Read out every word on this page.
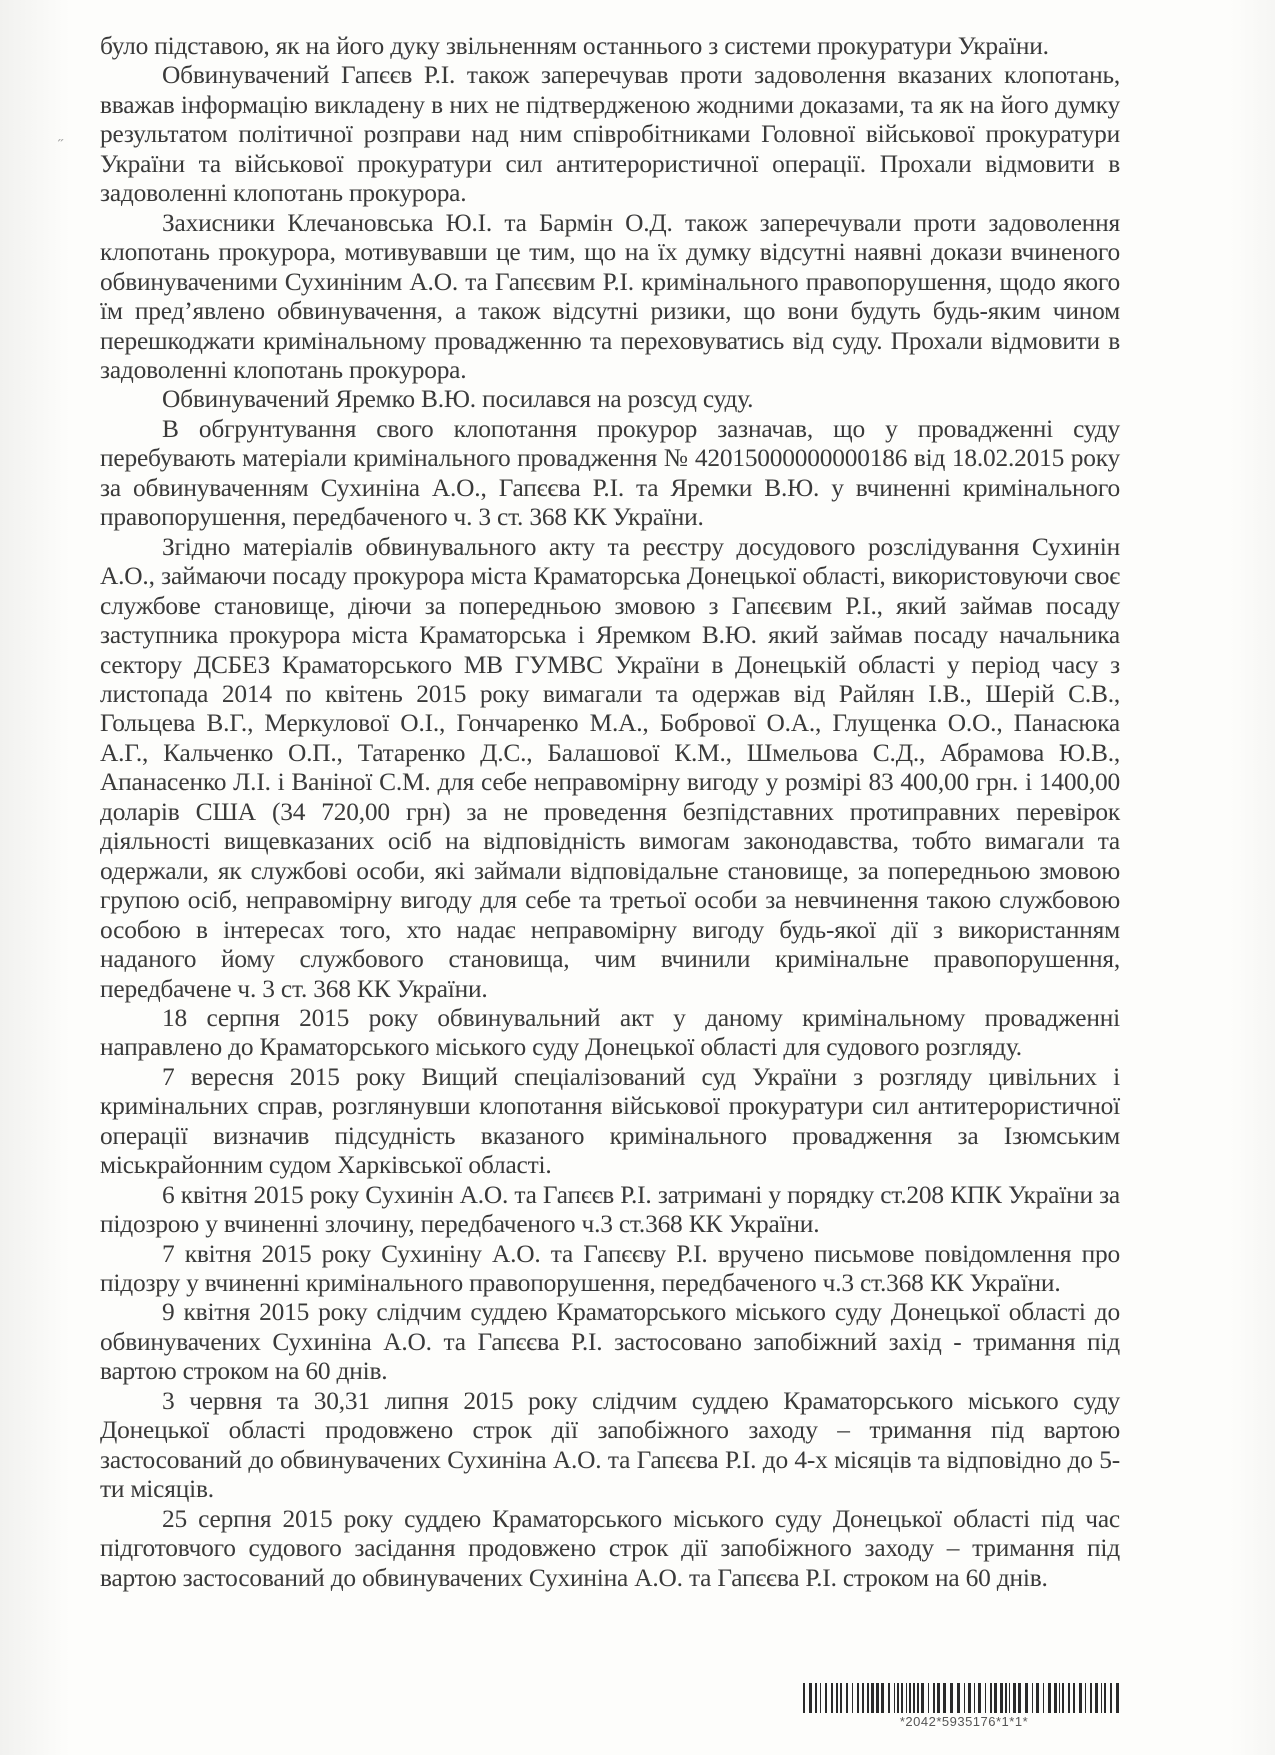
˶

було підставою, як на його дуку звільненням останнього з системи прокуратури України.

Обвинувачений Гапєєв Р.І. також заперечував проти задоволення вказаних клопотань, вважав інформацію викладену в них не підтвердженою жодними доказами, та як на його думку результатом політичної розправи над ним співробітниками Головної військової прокуратури України та військової прокуратури сил антитерористичної операції. Прохали відмовити в задоволенні клопотань прокурора.

Захисники Клечановська Ю.І. та Бармін О.Д. також заперечували проти задоволення клопотань прокурора, мотивувавши це тим, що на їх думку відсутні наявні докази вчиненого обвинуваченими Сухиніним А.О. та Гапєєвим Р.І. кримінального правопорушення, щодо якого їм пред’явлено обвинувачення, а також відсутні ризики, що вони будуть будь-яким чином перешкоджати кримінальному провадженню та переховуватись від суду. Прохали відмовити в задоволенні клопотань прокурора.

Обвинувачений Яремко В.Ю. посилався на розсуд суду.

В обгрунтування свого клопотання прокурор зазначав, що у провадженні суду перебувають матеріали кримінального провадження № 42015000000000186 від 18.02.2015 року за обвинуваченням Сухиніна А.О., Гапєєва Р.І. та Яремки В.Ю. у вчиненні кримінального правопорушення, передбаченого ч. 3 ст. 368 КК України.

Згідно матеріалів обвинувального акту та реєстру досудового розслідування Сухинін А.О., займаючи посаду прокурора міста Краматорська Донецької області, використовуючи своє службове становище, діючи за попередньою змовою з Гапєєвим Р.І., який займав посаду заступника прокурора міста Краматорська і Яремком В.Ю. який займав посаду начальника сектору ДСБЕЗ Краматорського МВ ГУМВС України в Донецькій області у період часу з листопада 2014 по квітень 2015 року вимагали та одержав від Райлян І.В., Шерій С.В., Гольцева В.Г., Меркулової О.І., Гончаренко М.А., Бобрової О.А., Глущенка О.О., Панасюка А.Г., Кальченко О.П., Татаренко Д.С., Балашової К.М., Шмельова С.Д., Абрамова Ю.В., Апанасенко Л.І. і Ваніної С.М. для себе неправомірну вигоду у розмірі 83 400,00 грн. і 1400,00 доларів США (34 720,00 грн) за не проведення безпідставних протиправних перевірок діяльності вищевказаних осіб на відповідність вимогам законодавства, тобто вимагали та одержали, як службові особи, які займали відповідальне становище, за попередньою змовою групою осіб, неправомірну вигоду для себе та третьої особи за невчинення такою службовою особою в інтересах того, хто надає неправомірну вигоду будь-якої дії з використанням наданого йому службового становища, чим вчинили кримінальне правопорушення, передбачене ч. 3 ст. 368 КК України.

18 серпня 2015 року обвинувальний акт у даному кримінальному провадженні направлено до Краматорського міського суду Донецької області для судового розгляду.

7 вересня 2015 року Вищий спеціалізований суд України з розгляду цивільних і кримінальних справ, розглянувши клопотання військової прокуратури сил антитерористичної операції визначив підсудність вказаного кримінального провадження за Ізюмським міськрайонним судом Харківської області.

6 квітня 2015 року Сухинін А.О. та Гапєєв Р.І. затримані у порядку ст.208 КПК України за підозрою у вчиненні злочину, передбаченого ч.3 ст.368 КК України.

7 квітня 2015 року Сухиніну А.О. та Гапєєву Р.І. вручено письмове повідомлення про підозру у вчиненні кримінального правопорушення, передбаченого ч.3 ст.368 КК України.

9 квітня 2015 року слідчим суддею Краматорського міського суду Донецької області до обвинувачених Сухиніна А.О. та Гапєєва Р.І. застосовано запобіжний захід - тримання під вартою строком на 60 днів.

3 червня та 30,31 липня 2015 року слідчим суддею Краматорського міського суду Донецької області продовжено строк дії запобіжного заходу – тримання під вартою застосований до обвинувачених Сухиніна А.О. та Гапєєва Р.І. до 4-х місяців та відповідно до 5-ти місяців.

25 серпня 2015 року суддею Краматорського міського суду Донецької області під час підготовчого судового засідання продовжено строк дії запобіжного заходу – тримання під вартою застосований до обвинувачених Сухиніна А.О. та Гапєєва Р.І. строком на 60 днів.

*2042*5935176*1*1*
